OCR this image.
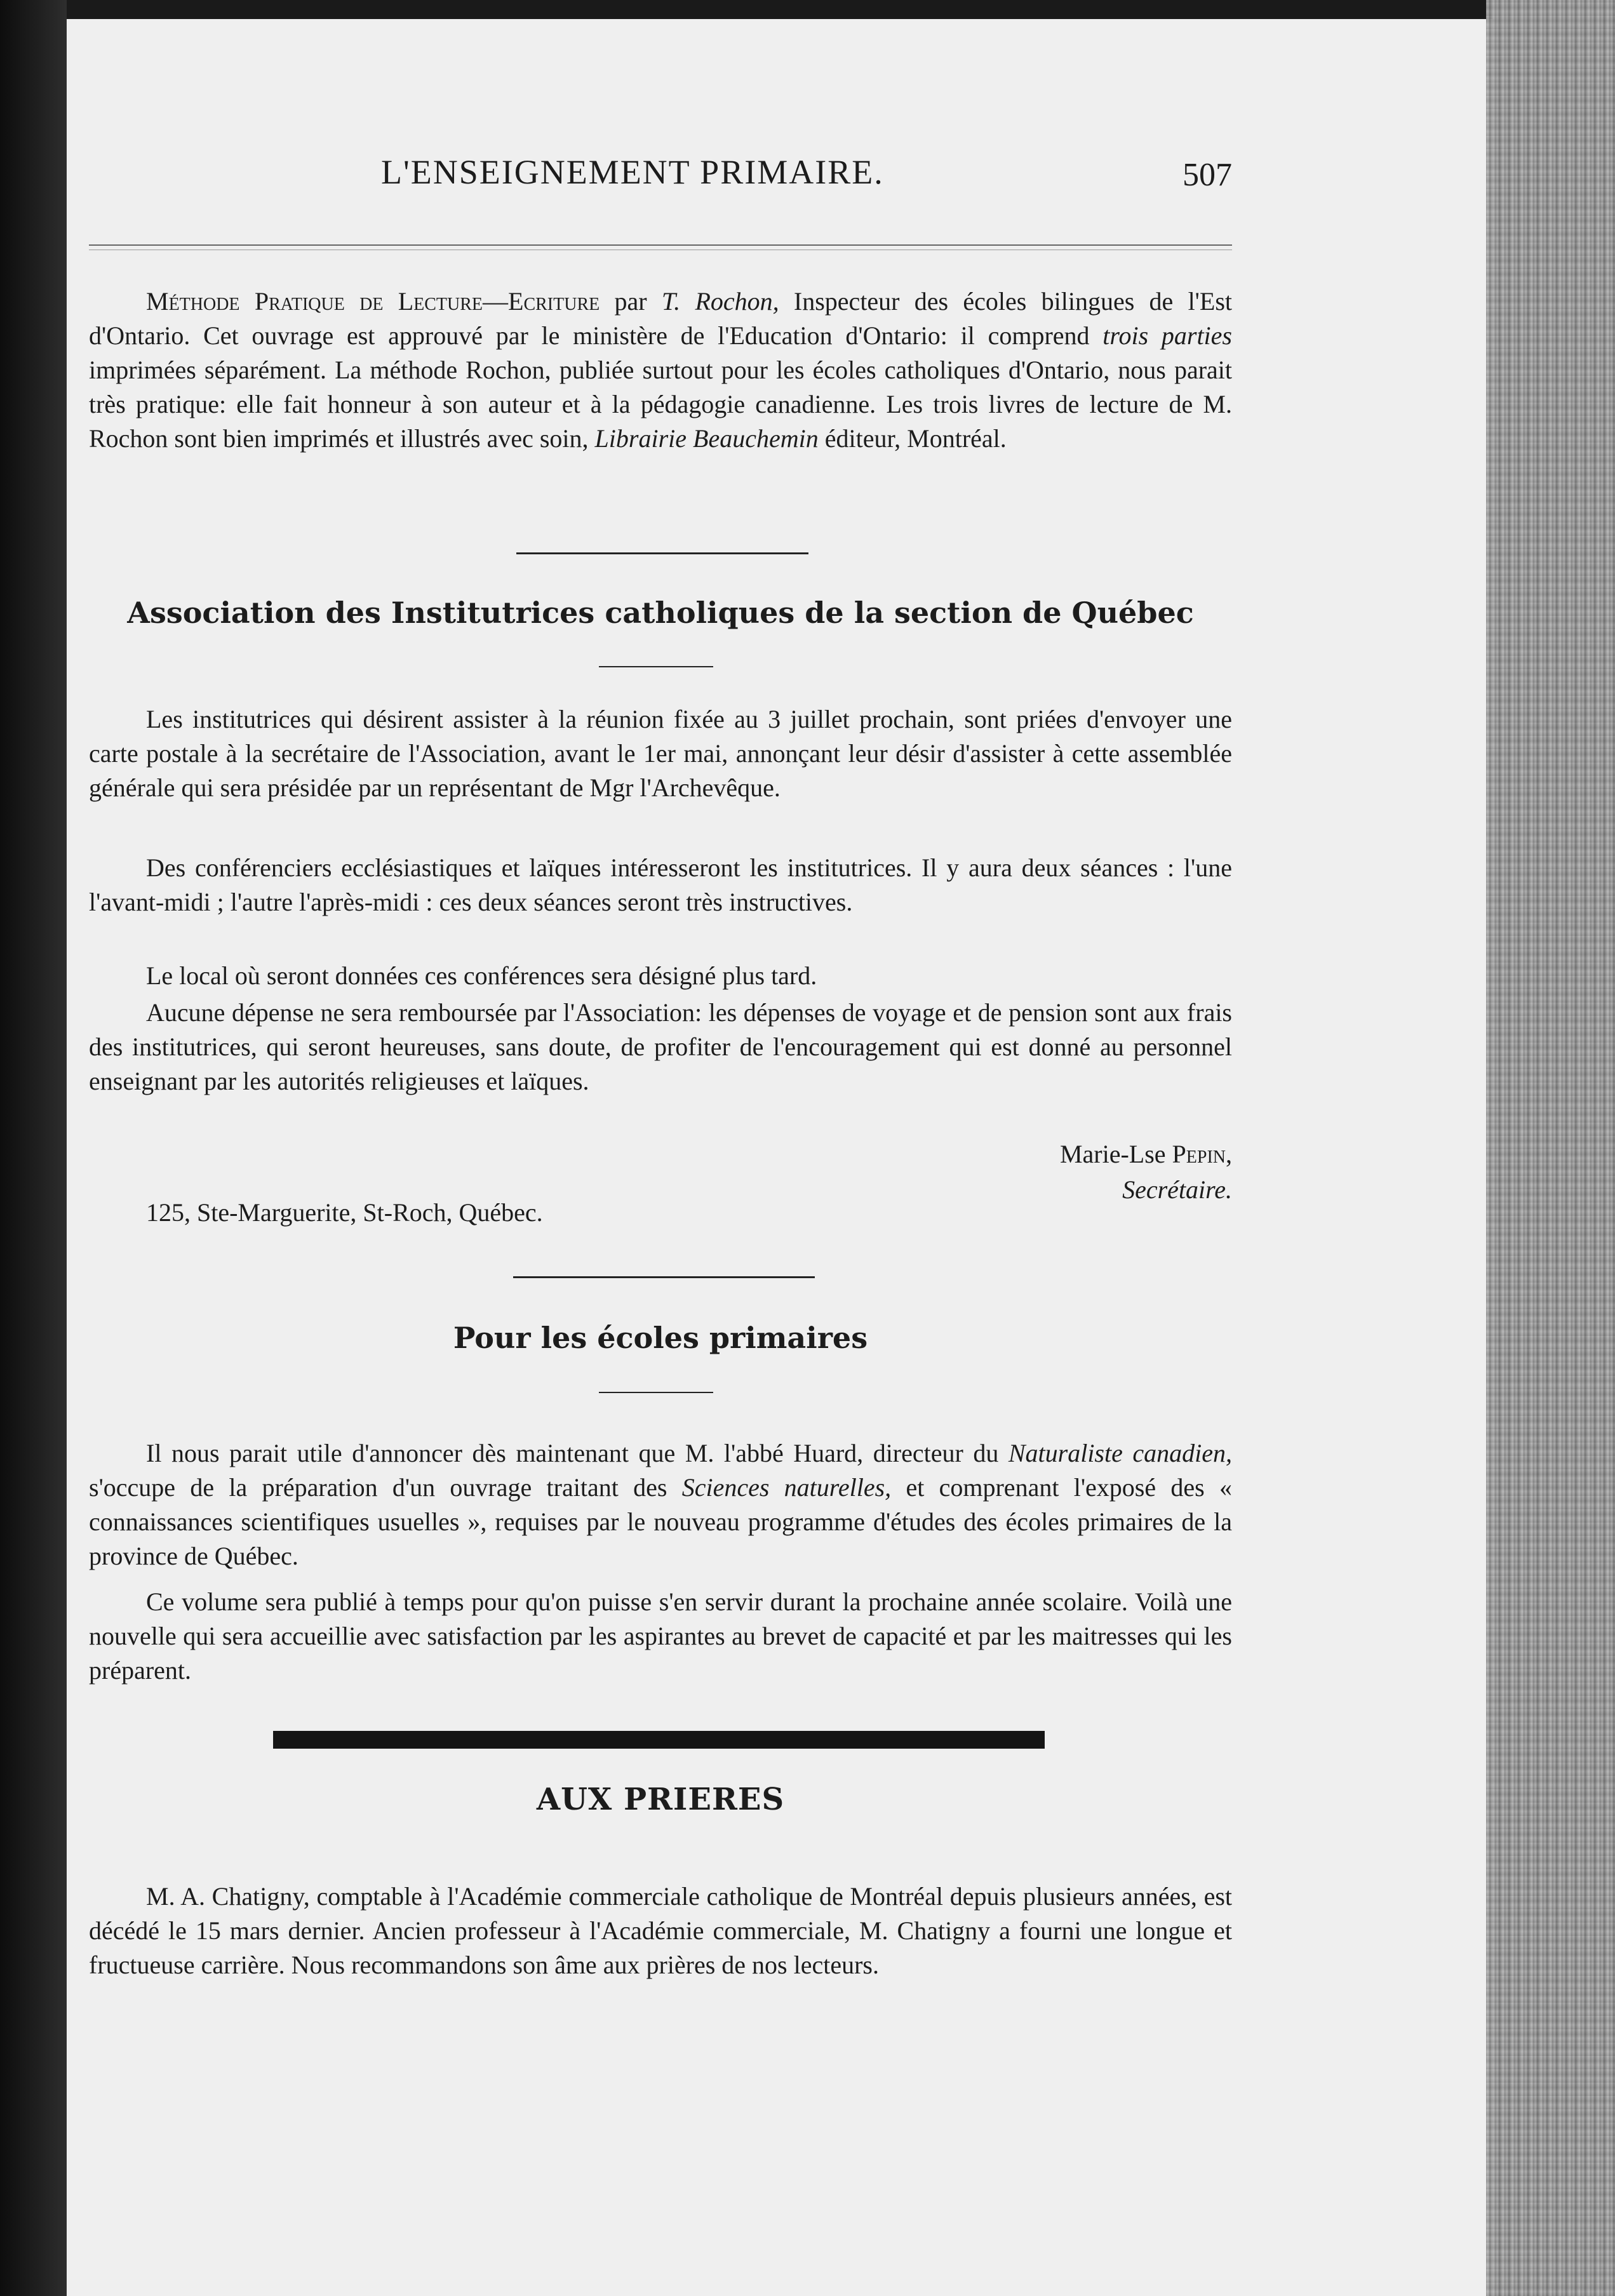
L'ENSEIGNEMENT PRIMAIRE.	507

Méthode Pratique de Lecture—Ecriture par T. Rochon, Inspecteur des écoles bilingues de l'Est d'Ontario. Cet ouvrage est approuvé par le ministère de l'Education d'Ontario: il comprend trois parties imprimées séparément. La méthode Rochon, publiée surtout pour les écoles catholiques d'Ontario, nous parait très pratique: elle fait honneur à son auteur et à la pédagogie canadienne. Les trois livres de lecture de M. Rochon sont bien imprimés et illustrés avec soin, Librairie Beauchemin éditeur, Montréal.

Association des Institutrices catholiques de la section de Québec

Les institutrices qui désirent assister à la réunion fixée au 3 juillet prochain, sont priées d'envoyer une carte postale à la secrétaire de l'Association, avant le 1er mai, annonçant leur désir d'assister à cette assemblée générale qui sera présidée par un représentant de Mgr l'Archevêque.

Des conférenciers ecclésiastiques et laïques intéresseront les institutrices. Il y aura deux séances : l'une l'avant-midi ; l'autre l'après-midi : ces deux séances seront très instructives.

Le local où seront données ces conférences sera désigné plus tard.

Aucune dépense ne sera remboursée par l'Association: les dépenses de voyage et de pension sont aux frais des institutrices, qui seront heureuses, sans doute, de profiter de l'encouragement qui est donné au personnel enseignant par les autorités religieuses et laïques.

Marie-Lse Pepin,
Secrétaire.
125, Ste-Marguerite, St-Roch, Québec.
Pour les écoles primaires

Il nous parait utile d'annoncer dès maintenant que M. l'abbé Huard, directeur du Naturaliste canadien, s'occupe de la préparation d'un ouvrage traitant des Sciences naturelles, et comprenant l'exposé des « connaissances scientifiques usuelles », requises par le nouveau programme d'études des écoles primaires de la province de Québec.

Ce volume sera publié à temps pour qu'on puisse s'en servir durant la prochaine année scolaire. Voilà une nouvelle qui sera accueillie avec satisfaction par les aspirantes au brevet de capacité et par les maitresses qui les préparent.

AUX PRIERES

M. A. Chatigny, comptable à l'Académie commerciale catholique de Montréal depuis plusieurs années, est décédé le 15 mars dernier. Ancien professeur à l'Académie commerciale, M. Chatigny a fourni une longue et fructueuse carrière. Nous recommandons son âme aux prières de nos lecteurs.
